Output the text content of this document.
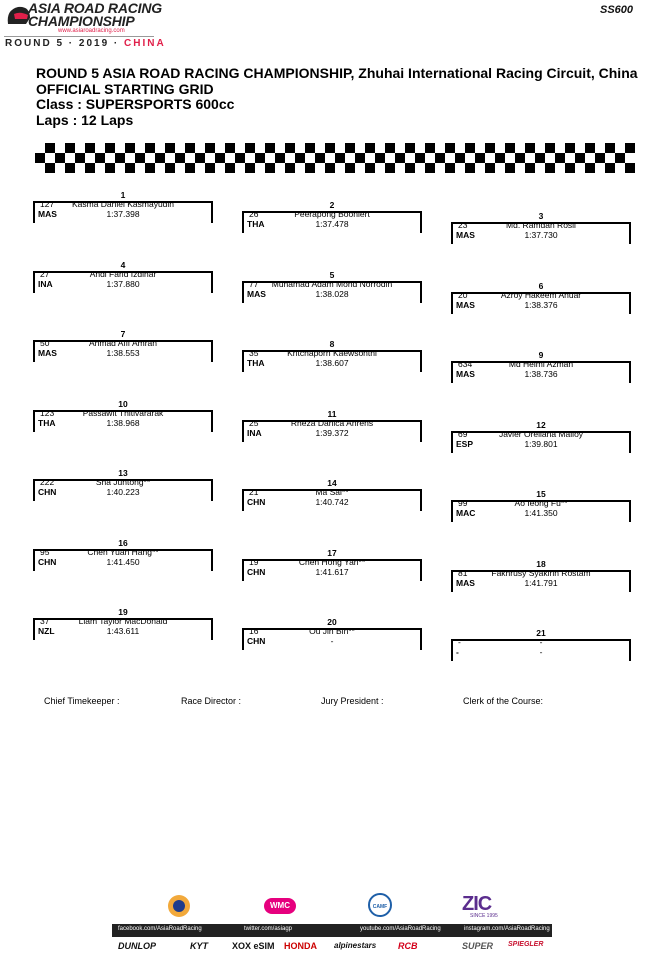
ASIA ROAD RACING
CHAMPIONSHIP
www.asiaroadracing.com
ROUND 5 · 2019 · CHINA
SS600
ROUND 5 ASIA ROAD RACING CHAMPIONSHIP, Zhuhai International Racing Circuit, China
OFFICIAL STARTING GRID
Class : SUPERSPORTS 600cc
Laps : 12 Laps
1
127	Kasma Daniel Kasmayudin
MAS	1:37.398
2
26	Peerapong Boonlert
THA	1:37.478
3
23	Md. Ramdan Rosli
MAS	1:37.730
4
27	Andi Farid Izdihar
INA	1:37.880
5
77	Muhamad Adam Mohd Norrodin
MAS	1:38.028
6
20	Azroy Hakeem Anuar
MAS	1:38.376
7
50	Ahmad Afif Amran
MAS	1:38.553
8
35	Kritchaporn Kaewsonthi
THA	1:38.607
9
634	Md Helmi Azman
MAS	1:38.736
10
123	Passawit Thitivararak
THA	1:38.968
11
25	Rheza Danica Ahrens
INA	1:39.372
12
69	Javier Orellana Malloy
ESP	1:39.801
13
222	Sha Juntong**
CHN	1:40.223
14
21	Ma Sai**
CHN	1:40.742
15
99	Ao Ieong Fu**
MAC	1:41.350
16
95	Chen Yuan Hang**
CHN	1:41.450
17
19	Chen Hong Yan**
CHN	1:41.617
18
81	Fakhrusy Syakirin Rostam
MAS	1:41.791
19
37	Liam Taylor MacDonald
NZL	1:43.611
20
16	Ou Jin Bin**
CHN	-
21
-	-
-	-
Chief Timekeeper :	Race Director :	Jury President :	Clerk of the Course:
WMC	CAMF	ZIC
SINCE 1995
facebook.com/AsiaRoadRacing	twitter.com/asiagp	youtube.com/AsiaRoadRacing	instagram.com/AsiaRoadRacing
DUNLOP	KYT	XOX eSIM HONDA alpinestars RCB	SUPER SPIEGLER
